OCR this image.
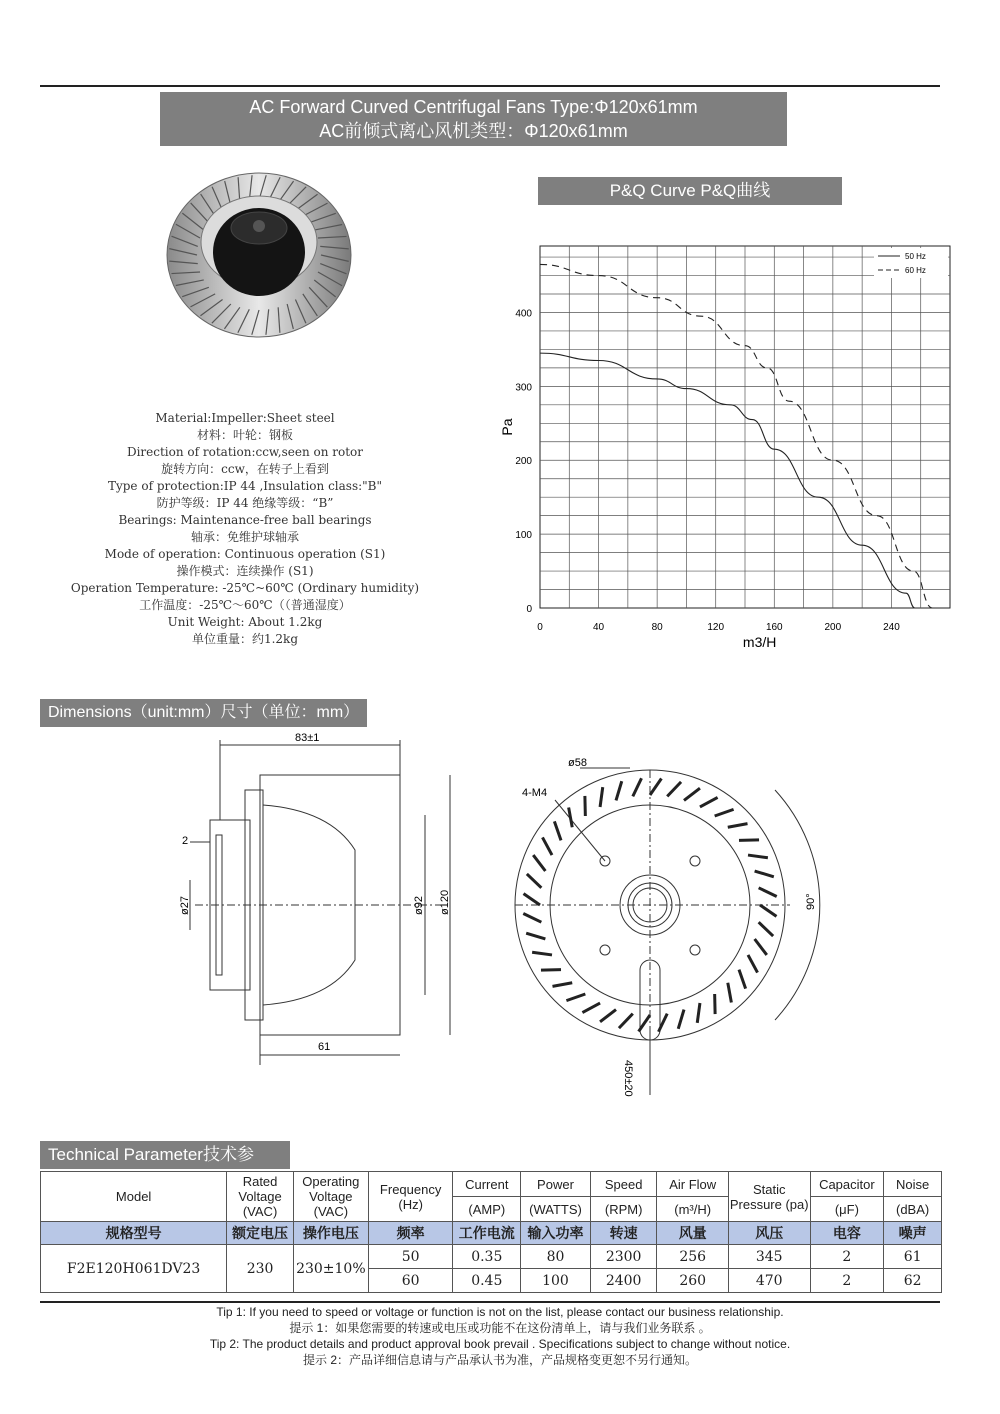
AC Forward Curved Centrifugal Fans Type:Φ120x61mm
AC前倾式离心风机类型：Φ120x61mm
Material:Impeller:Sheet steel
材料：叶轮：钢板
Direction of rotation:ccw,seen on rotor
旋转方向：ccw，在转子上看到
Type of protection:IP 44 ,Insulation class:"B"
防护等级：IP 44 绝缘等级：“B”
Bearings: Maintenance-free ball bearings
轴承：免维护球轴承
Mode of operation: Continuous operation (S1)
操作模式：连续操作 (S1)
Operation Temperature: -25℃~60℃ (Ordinary humidity)
工作温度：-25℃～60℃（（普通湿度）
Unit Weight: About 1.2kg
单位重量：约1.2kg
P&Q Curve P&Q曲线
0	40	80	120	160	200	240
0
100
200
300
400
m3/H
Pa
50 Hz
60 Hz
Dimensions（unit:mm）尺寸（单位：mm）
83±1
2
ø27	ø92 ø120
61
ø58
4-M4
90°
450±20
Technical Parameter技术参
Model	Rated Voltage (VAC)	Operating Voltage (VAC)	Frequency (Hz)	Current	Power	Speed	Air Flow	Static Pressure (pa)	Capacitor	Noise
				(AMP)	(WATTS)	(RPM)	(m³/H)		(μF)	(dBA)
规格型号	额定电压	操作电压	频率	工作电流	输入功率	转速	风量	风压	电容	噪声
F2E120H061DV23	230	230±10%	50	0.35	80	2300	256	345	2	61
			60	0.45	100	2400	260	470	2	62
Tip 1: If you need to speed or voltage or function is not on the list, please contact our business relationship.
提示 1：如果您需要的转速或电压或功能不在这份清单上，请与我们业务联系 。
Tip 2: The product details and product approval book prevail . Specifications subject to change without notice.
提示 2：产品详细信息请与产品承认书为准，产品规格变更恕不另行通知。
